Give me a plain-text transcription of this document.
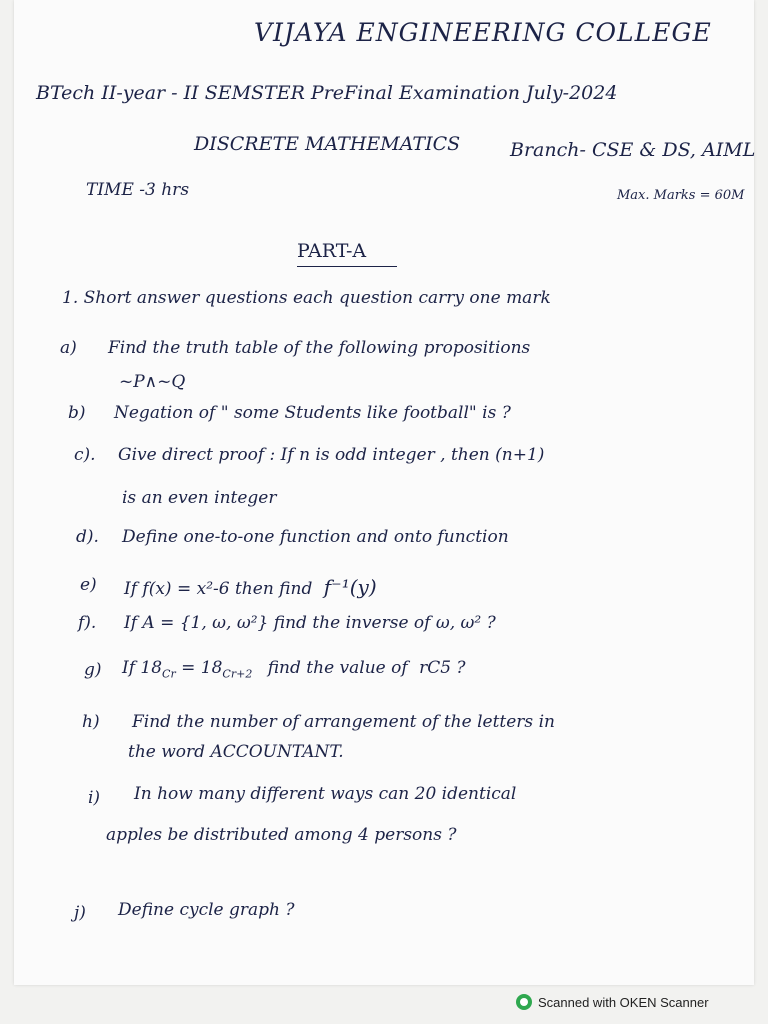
VIJAYA ENGINEERING COLLEGE
BTech II-year - II SEMSTER PreFinal Examination July-2024
DISCRETE MATHEMATICS	Branch- CSE & DS, AIML
TIME -3 hrs	Max. Marks = 60M
PART-A
1. Short answer questions each question carry one mark
a) Find the truth table of the following propositions
~P∧~Q
b) Negation of " some Students like football" is ?
c). Give direct proof : If n is odd integer , then (n+1)
is an even integer
d). Define one-to-one function and onto function
e) If f(x) = x²-6 then find f⁻¹(y)
f). If A = {1, ω, ω²} find the inverse of ω, ω² ?
g) If $18_{Cr} = 18_{Cr+2}$ find the value of rC5 ?
h) Find the number of arrangement of the letters in
the word ACCOUNTANT.
i) In how many different ways can 20 identical
apples be distributed among 4 persons ?
j) Define cycle graph ?
Scanned with OKEN Scanner
